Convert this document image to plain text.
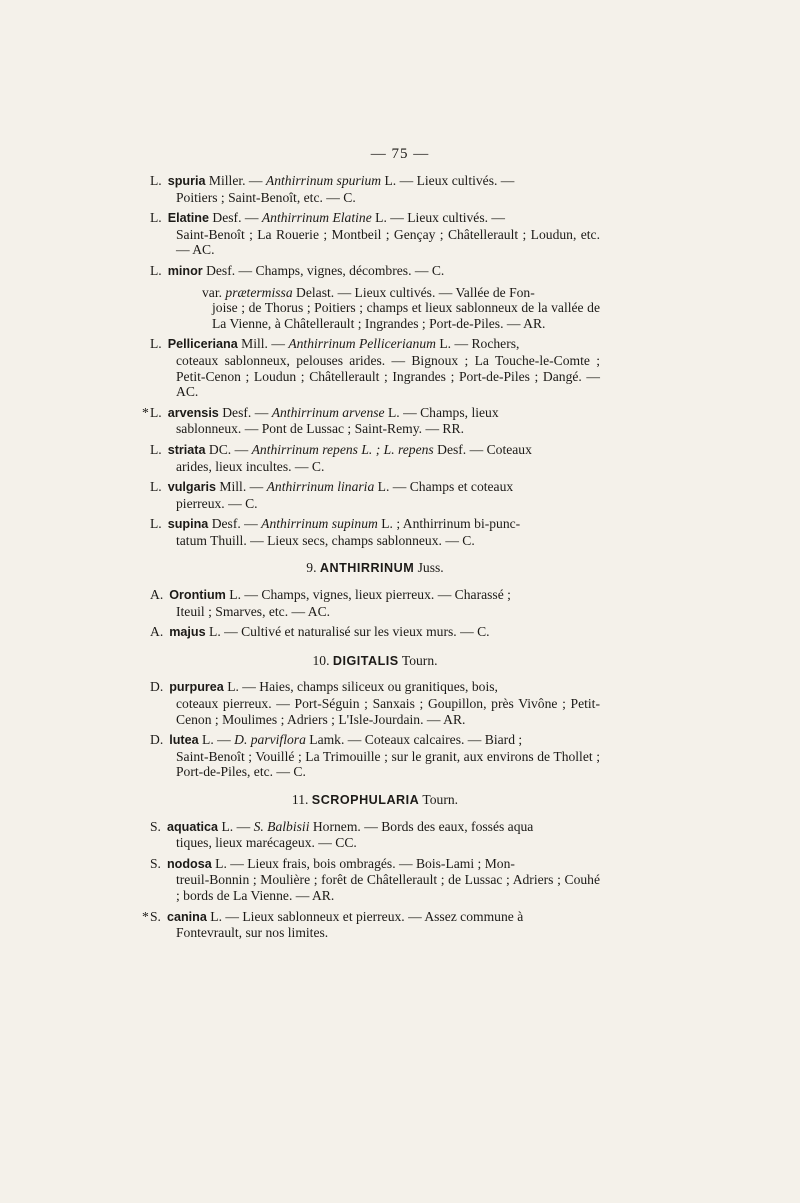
— 75 —
L. spuria Miller. — Anthirrinum spurium L. — Lieux cultivés. —
Poitiers ; Saint-Benoît, etc. — C.
L. Elatine Desf. — Anthirrinum Elatine L. — Lieux cultivés. —
Saint-Benoît ; La Rouerie ; Montbeil ; Gençay ; Châtellerault ; Loudun, etc. — AC.
L. minor Desf. — Champs, vignes, décombres. — C.
var. prætermissa Delast. — Lieux cultivés. — Vallée de Fon-
joise ; de Thorus ; Poitiers ; champs et lieux sablonneux de la vallée de La Vienne, à Châtellerault ; Ingrandes ; Port-de-Piles. — AR.
L. Pelliceriana Mill. — Anthirrinum Pellicerianum L. — Rochers,
coteaux sablonneux, pelouses arides. — Bignoux ; La Touche-le-Comte ; Petit-Cenon ; Loudun ; Châtellerault ; Ingrandes ; Port-de-Piles ; Dangé. — AC.
* L. arvensis Desf. — Anthirrinum arvense L. — Champs, lieux
sablonneux. — Pont de Lussac ; Saint-Remy. — RR.
L. striata DC. — Anthirrinum repens L. ; L. repens Desf. — Coteaux
arides, lieux incultes. — C.
L. vulgaris Mill. — Anthirrinum linaria L. — Champs et coteaux
pierreux. — C.
L. supina Desf. — Anthirrinum supinum L. ; Anthirrinum bi-punc-
tatum Thuill. — Lieux secs, champs sablonneux. — C.
9. ANTHIRRINUM Juss.
A. Orontium L. — Champs, vignes, lieux pierreux. — Charassé ;
Iteuil ; Smarves, etc. — AC.
A. majus L. — Cultivé et naturalisé sur les vieux murs. — C.
10. DIGITALIS Tourn.
D. purpurea L. — Haies, champs siliceux ou granitiques, bois,
coteaux pierreux. — Port-Séguin ; Sanxais ; Goupillon, près Vivône ; Petit-Cenon ; Moulimes ; Adriers ; L'Isle-Jourdain. — AR.
D. lutea L. — D. parviflora Lamk. — Coteaux calcaires. — Biard ;
Saint-Benoît ; Vouillé ; La Trimouille ; sur le granit, aux environs de Thollet ; Port-de-Piles, etc. — C.
11. SCROPHULARIA Tourn.
S. aquatica L. — S. Balbisii Hornem. — Bords des eaux, fossés aqua
tiques, lieux marécageux. — CC.
S. nodosa L. — Lieux frais, bois ombragés. — Bois-Lami ; Mon-
treuil-Bonnin ; Moulière ; forêt de Châtellerault ; de Lussac ; Adriers ; Couhé ; bords de La Vienne. — AR.
* S. canina L. — Lieux sablonneux et pierreux. — Assez commune à
Fontevrault, sur nos limites.
